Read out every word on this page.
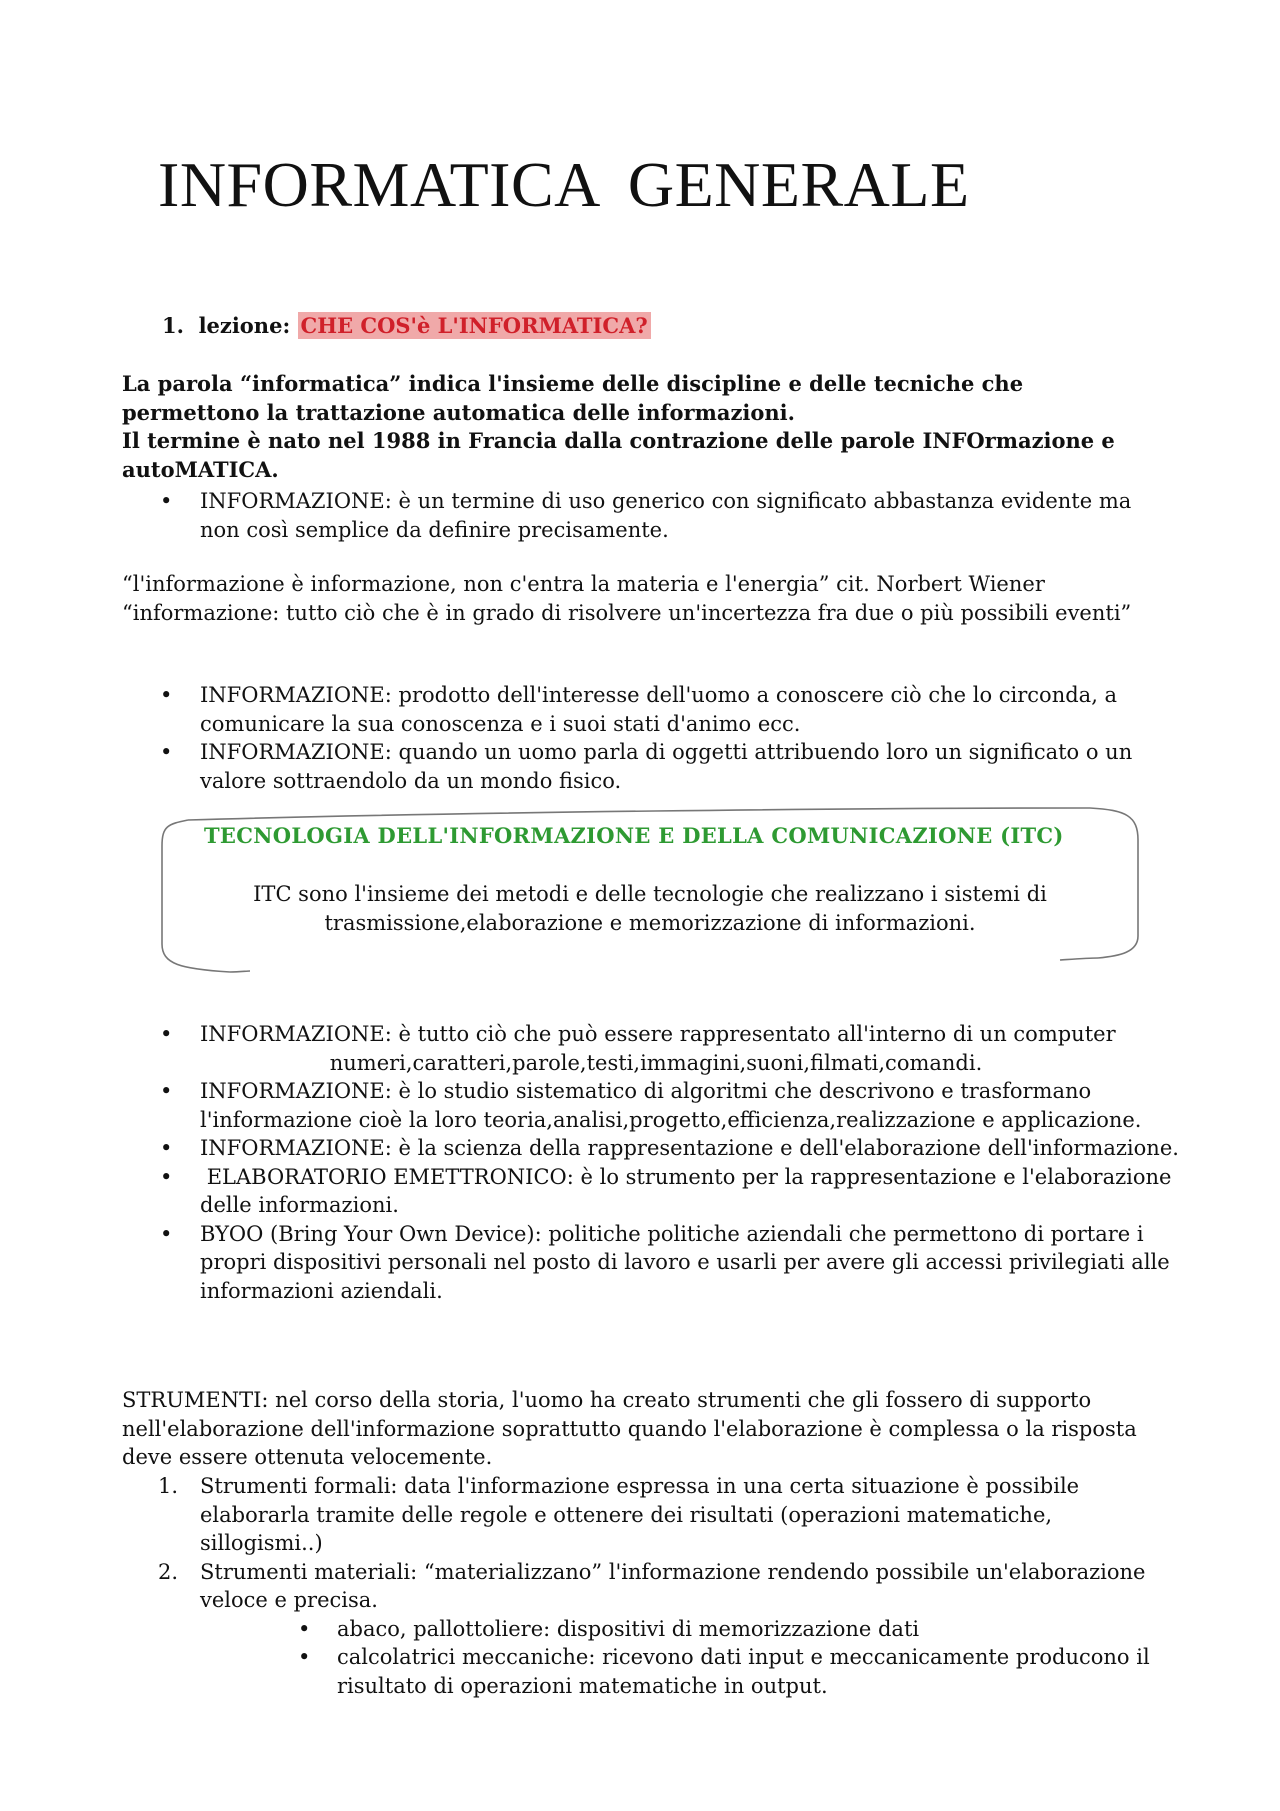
INFORMATICA GENERALE
1. lezione: CHE COS'è L'INFORMATICA?

La parola “informatica” indica l'insieme delle discipline e delle tecniche che permettono la trattazione automatica delle informazioni.

Il termine è nato nel 1988 in Francia dalla contrazione delle parole INFOrmazione e autoMATICA.

• INFORMAZIONE: è un termine di uso generico con significato abbastanza evidente ma non così semplice da definire precisamente.

“l'informazione è informazione, non c'entra la materia e l'energia” cit. Norbert Wiener

“informazione: tutto ciò che è in grado di risolvere un'incertezza fra due o più possibili eventi”

• INFORMAZIONE: prodotto dell'interesse dell'uomo a conoscere ciò che lo circonda, a comunicare la sua conoscenza e i suoi stati d'animo ecc.
• INFORMAZIONE: quando un uomo parla di oggetti attribuendo loro un significato o un valore sottraendolo da un mondo fisico.

TECNOLOGIA DELL'INFORMAZIONE E DELLA COMUNICAZIONE (ITC)

ITC sono l'insieme dei metodi e delle tecnologie che realizzano i sistemi di trasmissione,elaborazione e memorizzazione di informazioni.

• INFORMAZIONE: è tutto ciò che può essere rappresentato all'interno di un computer
numeri,caratteri,parole,testi,immagini,suoni,filmati,comandi.
• INFORMAZIONE: è lo studio sistematico di algoritmi che descrivono e trasformano l'informazione cioè la loro teoria,analisi,progetto,efficienza,realizzazione e applicazione.
• INFORMAZIONE: è la scienza della rappresentazione e dell'elaborazione dell'informazione.
• ELABORATORIO EMETTRONICO: è lo strumento per la rappresentazione e l'elaborazione delle informazioni.
• BYOO (Bring Your Own Device): politiche politiche aziendali che permettono di portare i propri dispositivi personali nel posto di lavoro e usarli per avere gli accessi privilegiati alle informazioni aziendali.

STRUMENTI: nel corso della storia, l'uomo ha creato strumenti che gli fossero di supporto nell'elaborazione dell'informazione soprattutto quando l'elaborazione è complessa o la risposta deve essere ottenuta velocemente.

1. Strumenti formali: data l'informazione espressa in una certa situazione è possibile elaborarla tramite delle regole e ottenere dei risultati (operazioni matematiche, sillogismi..)
2. Strumenti materiali: “materializzano” l'informazione rendendo possibile un'elaborazione veloce e precisa.
• abaco, pallottoliere: dispositivi di memorizzazione dati
• calcolatrici meccaniche: ricevono dati input e meccanicamente producono il risultato di operazioni matematiche in output.
